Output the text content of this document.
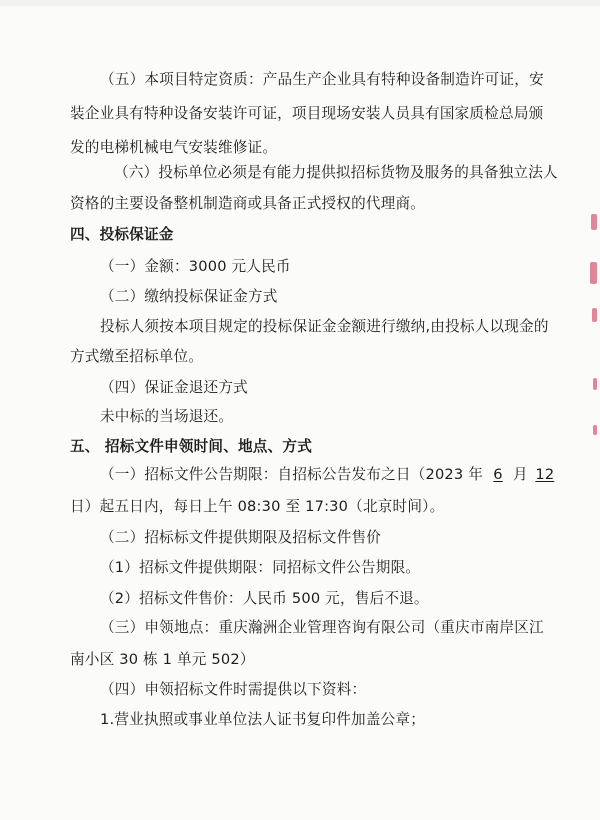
（五）本项目特定资质：产品生产企业具有特种设备制造许可证，安
装企业具有特种设备安装许可证，项目现场安装人员具有国家质检总局颁
发的电梯机械电气安装维修证。
（六）投标单位必须是有能力提供拟招标货物及服务的具备独立法人
资格的主要设备整机制造商或具备正式授权的代理商。
四、投标保证金
（一）金额：3000 元人民币
（二）缴纳投标保证金方式
投标人须按本项目规定的投标保证金金额进行缴纳,由投标人以现金的
方式缴至招标单位。
（四）保证金退还方式
未中标的当场退还。
五、 招标文件申领时间、地点、方式
（一）招标文件公告期限：自招标公告发布之日（2023 年 6 月 12
日）起五日内，每日上午 08:30 至 17:30（北京时间）。
（二）招标标文件提供期限及招标文件售价
（1）招标文件提供期限：同招标文件公告期限。
（2）招标文件售价：人民币 500 元，售后不退。
（三）申领地点：重庆瀚洲企业管理咨询有限公司（重庆市南岸区江
南小区 30 栋 1 单元 502）
（四）申领招标文件时需提供以下资料：
1.营业执照或事业单位法人证书复印件加盖公章；
